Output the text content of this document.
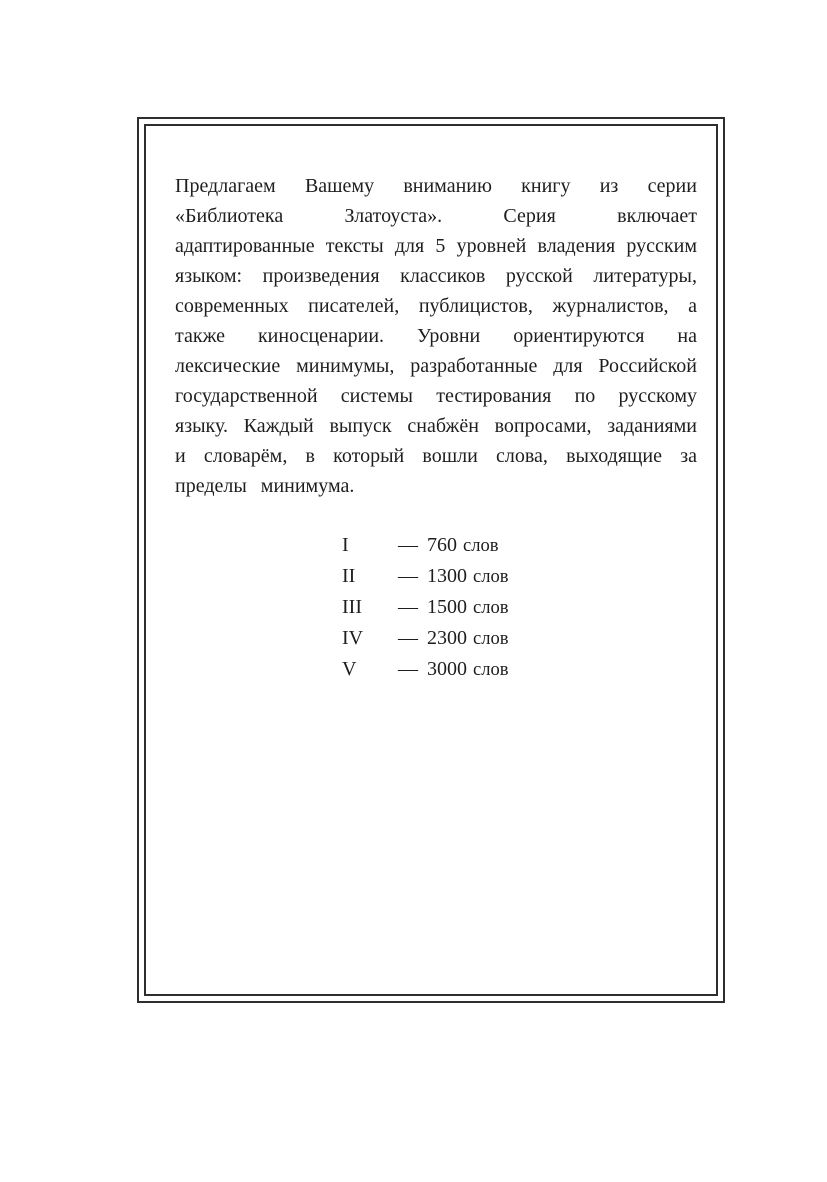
Предлагаем Вашему вниманию книгу из серии
«Библиотека	Златоуста».	Серия	включает
адаптированные тексты для 5 уровней владения русским
языком: произведения классиков русской литературы,
современных писателей, публицистов, журналистов, а
также киносценарии. Уровни ориентируются на
лексические минимумы, разработанные для Российской
государственной системы тестирования по русскому
языку. Каждый выпуск снабжён вопросами, заданиями
и словарём, в который вошли слова, выходящие за
пределы минимума.
I	— 760 слов
II	— 1300 слов
III	— 1500 слов
IV	— 2300 слов
V	— 3000 слов
